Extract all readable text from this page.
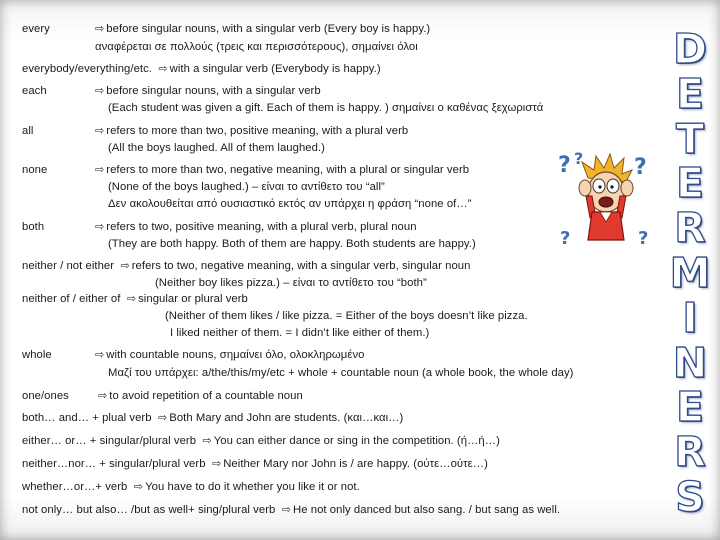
every	⇨ before singular nouns, with a singular verb (Every boy is happy.)

αναφέρεται σε πολλούς (τρεις και περισσότερους), σημαίνει όλοι

everybody/everything/etc. ⇨ with a singular verb (Everybody is happy.)

each	⇨ before singular nouns, with a singular verb

(Each student was given a gift. Each of them is happy. ) σημαίνει ο καθένας ξεχωριστά

all	⇨ refers to more than two, positive meaning, with a plural verb

(All the boys laughed. All of them laughed.)

none	⇨ refers to more than two, negative meaning, with a plural or singular verb

(None of the boys laughed.) – είναι το αντίθετο του “all”

Δεν ακολουθείται από ουσιαστικό εκτός αν υπάρχει η φράση “none of…”

both	⇨ refers to two, positive meaning, with a plural verb, plural noun

(They are both happy. Both of them are happy. Both students are happy.)

neither / not either ⇨ refers to two, negative meaning, with a singular verb, singular noun

(Neither boy likes pizza.) – είναι το αντίθετο του “both”

neither of / either of ⇨ singular or plural verb

(Neither of them likes / like pizza. = Either of the boys doesn’t like pizza.

I liked neither of them. = I didn’t like either of them.)

whole	⇨ with countable nouns, σημαίνει όλο, ολοκληρωμένο

Μαζί του υπάρχει: a/the/this/my/etc + whole + countable noun (a whole book, the whole day)

one/ones	⇨ to avoid repetition of a countable noun

both… and… + plual verb ⇨ Both Mary and John are students. (και…και…)

either… or… + singular/plural verb ⇨ You can either dance or sing in the competition. (ή…ή…)

neither…nor… + singular/plural verb ⇨ Neither Mary nor John is / are happy. (ούτε…ούτε…)

whether…or…+ verb ⇨ You have to do it whether you like it or not.

not only… but also… /but as well+ sing/plural verb ⇨ He not only danced but also sang. / but sang as well.

? ? ?
?	?
D
E
T
E
R
M
I
N
E
R
S
